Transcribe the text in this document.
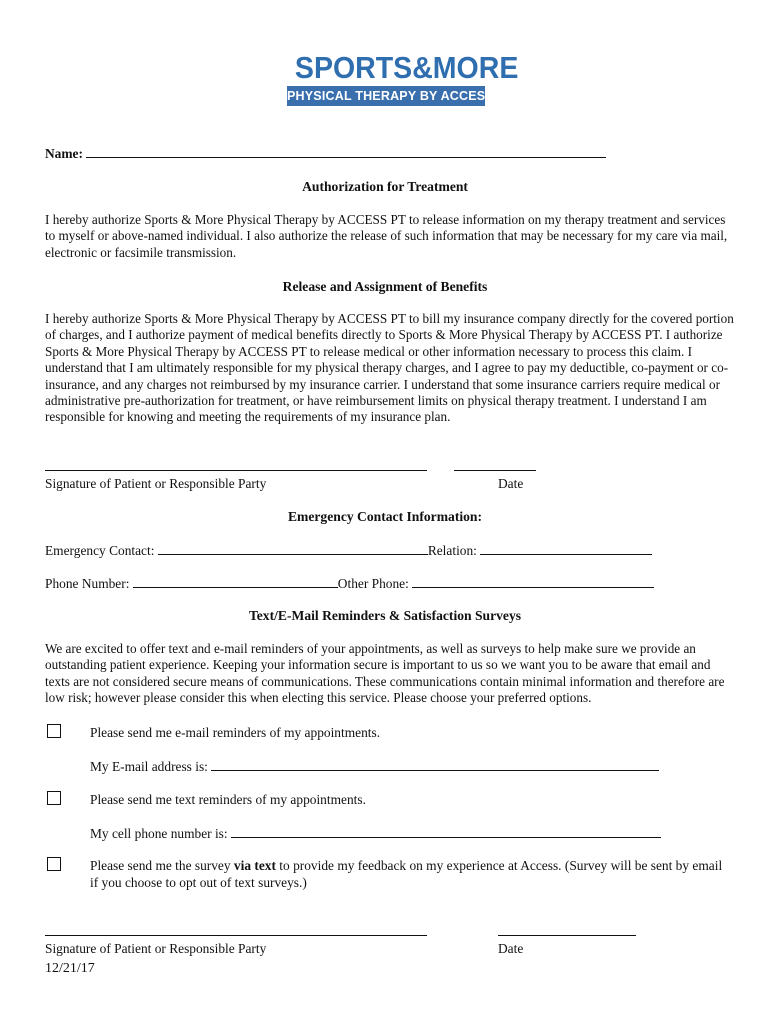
SPORTS&MORE
PHYSICAL THERAPY BY ACCESSPT
Name:
Authorization for Treatment
I hereby authorize Sports & More Physical Therapy by ACCESS PT to release information on my therapy treatment and services to myself or above-named individual. I also authorize the release of such information that may be necessary for my care via mail, electronic or facsimile transmission.
Release and Assignment of Benefits
I hereby authorize Sports & More Physical Therapy by ACCESS PT to bill my insurance company directly for the covered portion of charges, and I authorize payment of medical benefits directly to Sports & More Physical Therapy by ACCESS PT. I authorize Sports & More Physical Therapy by ACCESS PT to release medical or other information necessary to process this claim. I understand that I am ultimately responsible for my physical therapy charges, and I agree to pay my deductible, co-payment or co-insurance, and any charges not reimbursed by my insurance carrier. I understand that some insurance carriers require medical or administrative pre-authorization for treatment, or have reimbursement limits on physical therapy treatment. I understand I am responsible for knowing and meeting the requirements of my insurance plan.
Signature of Patient or Responsible Party	Date
Emergency Contact Information:
Emergency Contact:	Relation:
Phone Number:	Other Phone:
Text/E-Mail Reminders & Satisfaction Surveys
We are excited to offer text and e-mail reminders of your appointments, as well as surveys to help make sure we provide an outstanding patient experience. Keeping your information secure is important to us so we want you to be aware that email and texts are not considered secure means of communications. These communications contain minimal information and therefore are low risk; however please consider this when electing this service. Please choose your preferred options.
Please send me e-mail reminders of my appointments.
My E-mail address is:
Please send me text reminders of my appointments.
My cell phone number is:
Please send me the survey via text to provide my feedback on my experience at Access. (Survey will be sent by email if you choose to opt out of text surveys.)
Signature of Patient or Responsible Party	Date
12/21/17
